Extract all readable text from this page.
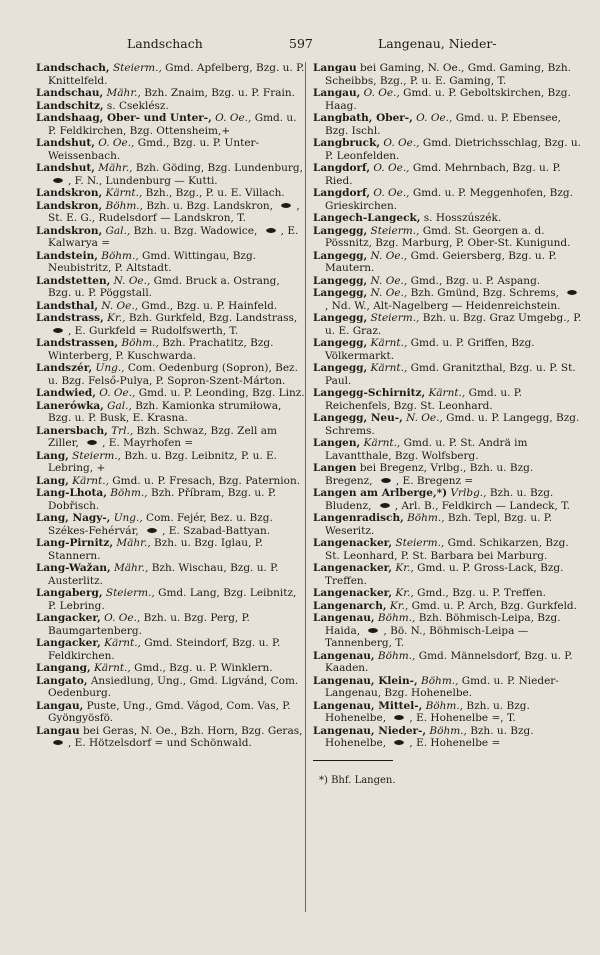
Landschach	597	Langenau, Nieder-

Landschach, Steierm., Gmd. Apfelberg, Bzg. u. P. Knittelfeld.

Landschau, Mähr., Bzh. Znaim, Bzg. u. P. Frain.

Landschitz, s. Cseklész.

Landshaag, Ober- und Unter-, O. Oe., Gmd. u. P. Feldkirchen, Bzg. Ottensheim,+

Landshut, O. Oe., Gmd., Bzg. u. P. Unter-Weissenbach.

Landshut, Mähr., Bzh. Göding, Bzg. Lundenburg, , F. N., Lundenburg — Kutti.

Landskron, Kärnt., Bzh., Bzg., P. u. E. Villach.

Landskron, Böhm., Bzh. u. Bzg. Landskron, , St. E. G., Rudelsdorf — Landskron, T.

Landskron, Gal., Bzh. u. Bzg. Wadowice, , E. Kalwarya =

Landstein, Böhm., Gmd. Wittingau, Bzg. Neubistritz, P. Altstadt.

Landstetten, N. Oe., Gmd. Bruck a. Ostrang, Bzg. u. P. Pöggstall.

Landsthal, N. Oe., Gmd., Bzg. u. P. Hainfeld.

Landstrass, Kr., Bzh. Gurkfeld, Bzg. Landstrass, , E. Gurkfeld = Rudolfswerth, T.

Landstrassen, Böhm., Bzh. Prachatitz, Bzg. Winterberg, P. Kuschwarda.

Landszér, Ung., Com. Oedenburg (Sopron), Bez. u. Bzg. Felső-Pulya, P. Sopron-Szent-Márton.

Landwied, O. Oe., Gmd. u. P. Leonding, Bzg. Linz.

Lanerówka, Gal., Bzh. Kamionka strumiłowa, Bzg. u. P. Busk, E. Krasna.

Lanersbach, Trl., Bzh. Schwaz, Bzg. Zell am Ziller, , E. Mayrhofen =

Lang, Steierm., Bzh. u. Bzg. Leibnitz, P. u. E. Lebring, +

Lang, Kärnt., Gmd. u. P. Fresach, Bzg. Paternion.

Lang-Lhota, Böhm., Bzh. Příbram, Bzg. u. P. Dobřisch.

Lang, Nagy-, Ung., Com. Fejér, Bez. u. Bzg. Székes-Fehérvár, , E. Szabad-Battyan.

Lang-Pirnitz, Mähr., Bzh. u. Bzg. Iglau, P. Stannern.

Lang-Wažan, Mähr., Bzh. Wischau, Bzg. u. P. Austerlitz.

Langaberg, Steierm., Gmd. Lang, Bzg. Leibnitz, P. Lebring.

Langacker, O. Oe., Bzh. u. Bzg. Perg, P. Baumgartenberg.

Langacker, Kärnt., Gmd. Steindorf, Bzg. u. P. Feldkirchen.

Langang, Kärnt., Gmd., Bzg. u. P. Winklern.

Langato, Ansiedlung, Ung., Gmd. Ligvánd, Com. Oedenburg.

Langau, Puste, Ung., Gmd. Vágod, Com. Vas, P. Gyöngyösfö.

Langau bei Geras, N. Oe., Bzh. Horn, Bzg. Geras, , E. Hötzelsdorf = und Schönwald.

Langau bei Gaming, N. Oe., Gmd. Gaming, Bzh. Scheibbs, Bzg., P. u. E. Gaming, T.

Langau, O. Oe., Gmd. u. P. Geboltskirchen, Bzg. Haag.

Langbath, Ober-, O. Oe., Gmd. u. P. Ebensee, Bzg. Ischl.

Langbruck, O. Oe., Gmd. Dietrichsschlag, Bzg. u. P. Leonfelden.

Langdorf, O. Oe., Gmd. Mehrnbach, Bzg. u. P. Ried.

Langdorf, O. Oe., Gmd. u. P. Meggenhofen, Bzg. Grieskirchen.

Langech-Langeck, s. Hosszúszék.

Langegg, Steierm., Gmd. St. Georgen a. d. Pössnitz, Bzg. Marburg, P. Ober-St. Kunigund.

Langegg, N. Oe., Gmd. Geiersberg, Bzg. u. P. Mautern.

Langegg, N. Oe., Gmd., Bzg. u. P. Aspang.

Langegg, N. Oe., Bzh. Gmünd, Bzg. Schrems, , Nd. W., Alt-Nagelberg — Heidenreichstein.

Langegg, Steierm., Bzh. u. Bzg. Graz Umgebg., P. u. E. Graz.

Langegg, Kärnt., Gmd. u. P. Griffen, Bzg. Völkermarkt.

Langegg, Kärnt., Gmd. Granitzthal, Bzg. u. P. St. Paul.

Langegg-Schirnitz, Kärnt., Gmd. u. P. Reichenfels, Bzg. St. Leonhard.

Langegg, Neu-, N. Oe., Gmd. u. P. Langegg, Bzg. Schrems.

Langen, Kärnt., Gmd. u. P. St. Andrä im Lavantthale, Bzg. Wolfsberg.

Langen bei Bregenz, Vrlbg., Bzh. u. Bzg. Bregenz, , E. Bregenz =

Langen am Arlberge,*) Vrlbg., Bzh. u. Bzg. Bludenz, , Arl. B., Feldkirch — Landeck, T.

Langenradisch, Böhm., Bzh. Tepl, Bzg. u. P. Weseritz.

Langenacker, Steierm., Gmd. Schikarzen, Bzg. St. Leonhard, P. St. Barbara bei Marburg.

Langenacker, Kr., Gmd. u. P. Gross-Lack, Bzg. Treffen.

Langenacker, Kr., Gmd., Bzg. u. P. Treffen.

Langenarch, Kr., Gmd. u. P. Arch, Bzg. Gurkfeld.

Langenau, Böhm., Bzh. Böhmisch-Leipa, Bzg. Haida, , Bö. N., Böhmisch-Leipa — Tannenberg, T.

Langenau, Böhm., Gmd. Männelsdorf, Bzg. u. P. Kaaden.

Langenau, Klein-, Böhm., Gmd. u. P. Nieder-Langenau, Bzg. Hohenelbe.

Langenau, Mittel-, Böhm., Bzh. u. Bzg. Hohenelbe, , E. Hohenelbe =, T.

Langenau, Nieder-, Böhm., Bzh. u. Bzg. Hohenelbe, , E. Hohenelbe =

*) Bhf. Langen.
